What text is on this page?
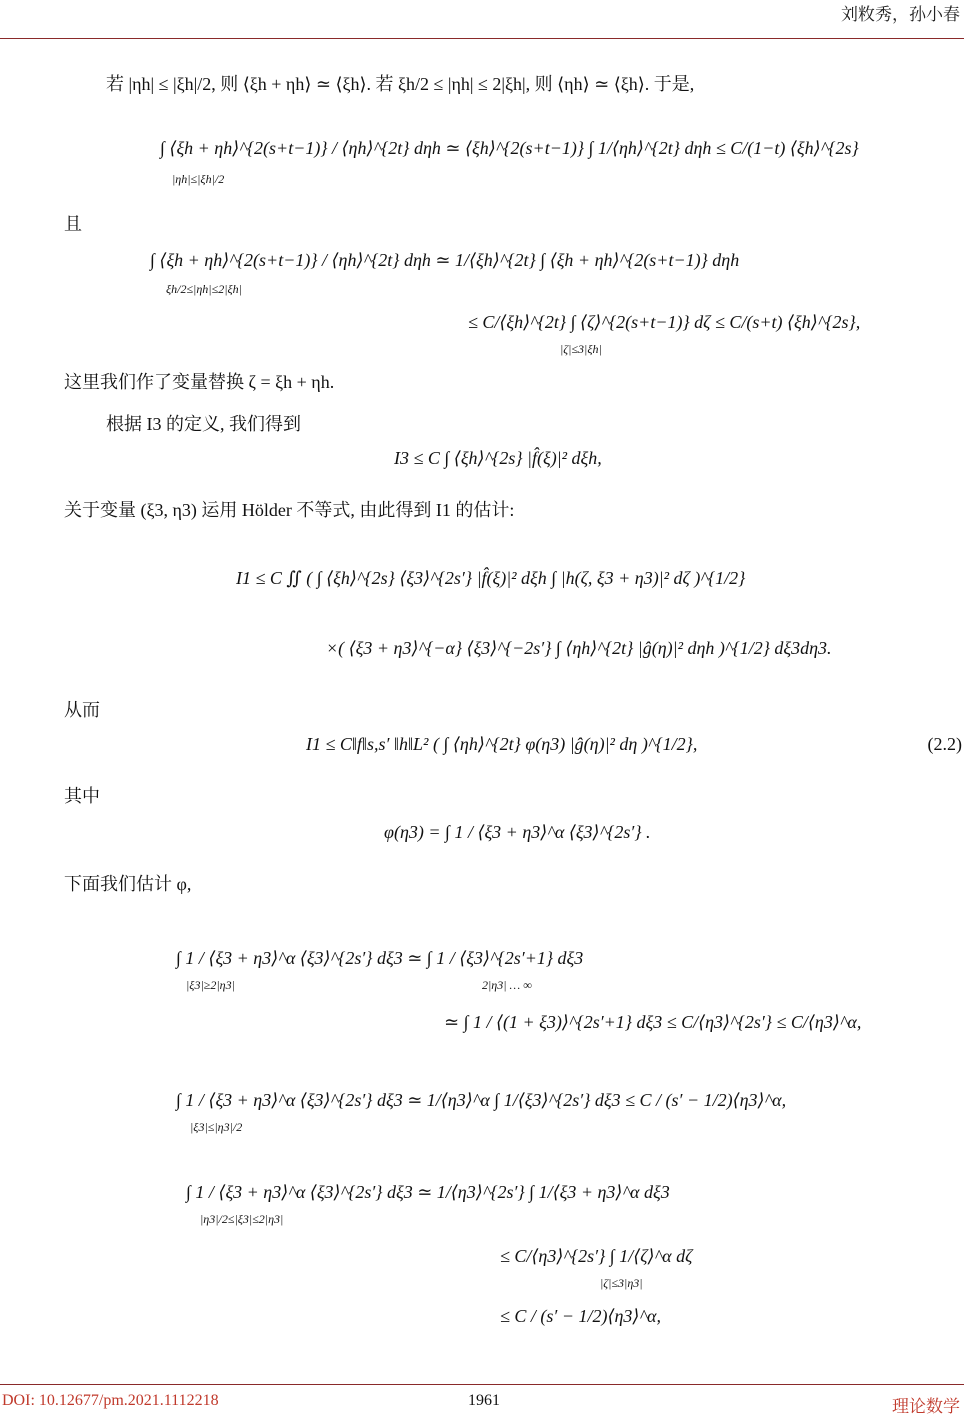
刘敉秀，孙小春
若 |ηh| ≤ |ξh|/2, 则 ⟨ξh + ηh⟩ ≃ ⟨ξh⟩. 若 ξh/2 ≤ |ηh| ≤ 2|ξh|, 则 ⟨ηh⟩ ≃ ⟨ξh⟩. 于是,
∫ ⟨ξh + ηh⟩^{2(s+t−1)} / ⟨ηh⟩^{2t} dηh ≃ ⟨ξh⟩^{2(s+t−1)} ∫ 1/⟨ηh⟩^{2t} dηh ≤ C/(1−t) ⟨ξh⟩^{2s}
|ηh|≤|ξh|/2
且
∫ ⟨ξh + ηh⟩^{2(s+t−1)} / ⟨ηh⟩^{2t} dηh ≃ 1/⟨ξh⟩^{2t} ∫ ⟨ξh + ηh⟩^{2(s+t−1)} dηh
ξh/2≤|ηh|≤2|ξh|
≤ C/⟨ξh⟩^{2t} ∫ ⟨ζ⟩^{2(s+t−1)} dζ ≤ C/(s+t) ⟨ξh⟩^{2s},
|ζ|≤3|ξh|
这里我们作了变量替换 ζ = ξh + ηh.
根据 I3 的定义, 我们得到
I3 ≤ C ∫ ⟨ξh⟩^{2s} |f̂(ξ)|² dξh,
关于变量 (ξ3, η3) 运用 Hölder 不等式, 由此得到 I1 的估计:
I1 ≤ C ∬ ( ∫ ⟨ξh⟩^{2s} ⟨ξ3⟩^{2s′} |f̂(ξ)|² dξh ∫ |h(ζ, ξ3 + η3)|² dζ )^{1/2}
×( ⟨ξ3 + η3⟩^{−α} ⟨ξ3⟩^{−2s′} ∫ ⟨ηh⟩^{2t} |ĝ(η)|² dηh )^{1/2} dξ3dη3.
从而
I1 ≤ C‖f‖s,s′ ‖h‖L² ( ∫ ⟨ηh⟩^{2t} φ(η3) |ĝ(η)|² dη )^{1/2},	(2.2)
其中
φ(η3) = ∫ 1 / ⟨ξ3 + η3⟩^α ⟨ξ3⟩^{2s′} .
下面我们估计 φ,
∫ 1 / ⟨ξ3 + η3⟩^α ⟨ξ3⟩^{2s′} dξ3 ≃ ∫ 1 / ⟨ξ3⟩^{2s′+1} dξ3
|ξ3|≥2|η3|	2|η3| … ∞
≃ ∫ 1 / ⟨(1 + ξ3)⟩^{2s′+1} dξ3 ≤ C/⟨η3⟩^{2s′} ≤ C/⟨η3⟩^α,
∫ 1 / ⟨ξ3 + η3⟩^α ⟨ξ3⟩^{2s′} dξ3 ≃ 1/⟨η3⟩^α ∫ 1/⟨ξ3⟩^{2s′} dξ3 ≤ C / (s′ − 1/2)⟨η3⟩^α,
|ξ3|≤|η3|/2
∫ 1 / ⟨ξ3 + η3⟩^α ⟨ξ3⟩^{2s′} dξ3 ≃ 1/⟨η3⟩^{2s′} ∫ 1/⟨ξ3 + η3⟩^α dξ3
|η3|/2≤|ξ3|≤2|η3|
≤ C/⟨η3⟩^{2s′} ∫ 1/⟨ζ⟩^α dζ
|ζ|≤3|η3|
≤ C / (s′ − 1/2)⟨η3⟩^α,
DOI: 10.12677/pm.2021.1112218	1961	理论数学
